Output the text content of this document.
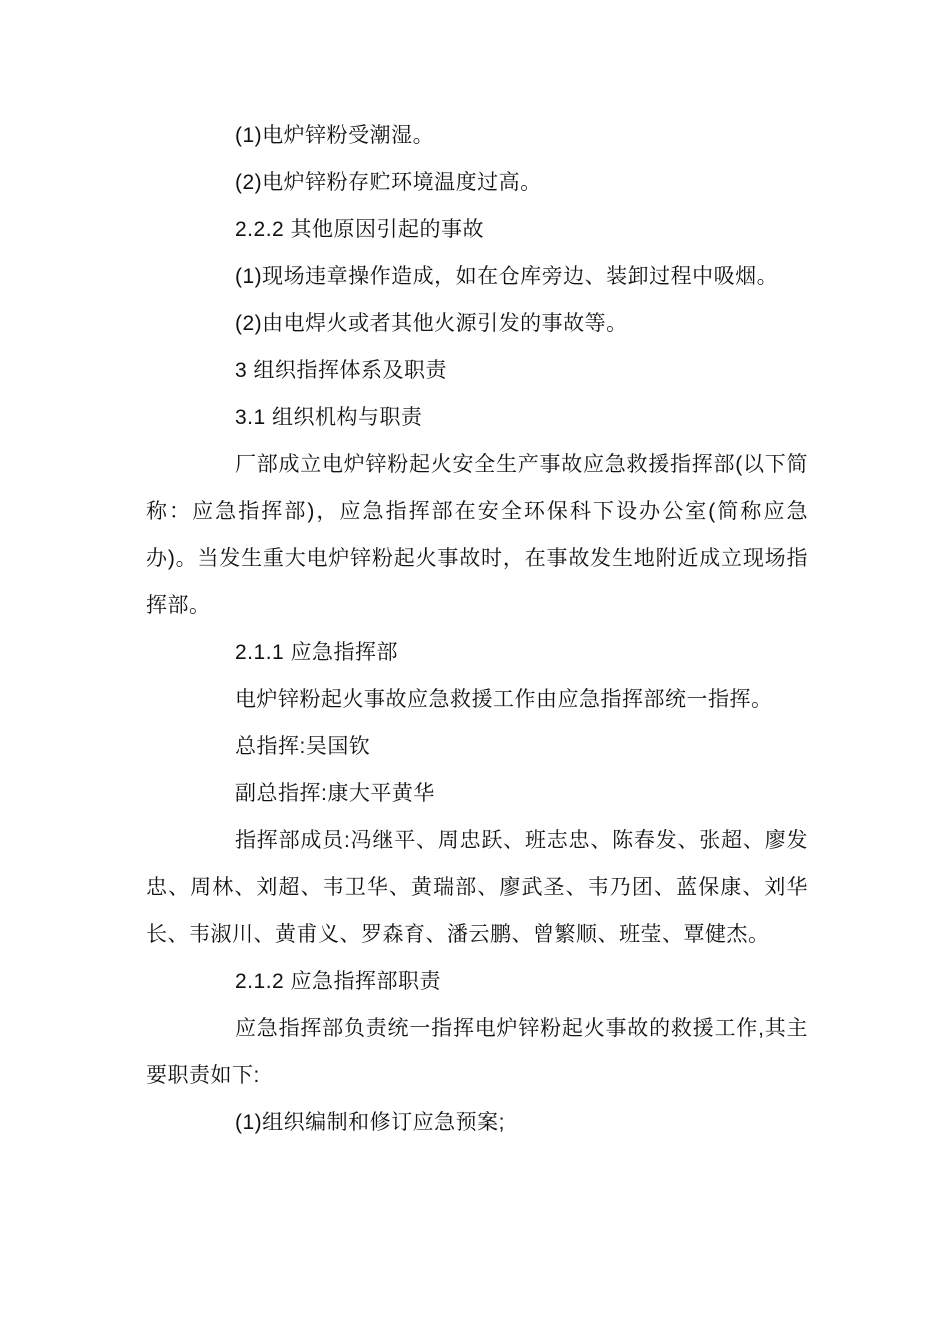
(1)电炉锌粉受潮湿。

(2)电炉锌粉存贮环境温度过高。

2.2.2 其他原因引起的事故

(1)现场违章操作造成，如在仓库旁边、装卸过程中吸烟。

(2)由电焊火或者其他火源引发的事故等。

3 组织指挥体系及职责

3.1 组织机构与职责

厂部成立电炉锌粉起火安全生产事故应急救援指挥部(以下简称：应急指挥部)，应急指挥部在安全环保科下设办公室(简称应急办)。当发生重大电炉锌粉起火事故时，在事故发生地附近成立现场指挥部。

2.1.1 应急指挥部

电炉锌粉起火事故应急救援工作由应急指挥部统一指挥。

总指挥:吴国钦

副总指挥:康大平黄华

指挥部成员:冯继平、周忠跃、班志忠、陈春发、张超、廖发忠、周林、刘超、韦卫华、黄瑞部、廖武圣、韦乃团、蓝保康、刘华长、韦淑川、黄甫义、罗森育、潘云鹏、曾繁顺、班莹、覃健杰。

2.1.2 应急指挥部职责

应急指挥部负责统一指挥电炉锌粉起火事故的救援工作,其主要职责如下:

(1)组织编制和修订应急预案;
